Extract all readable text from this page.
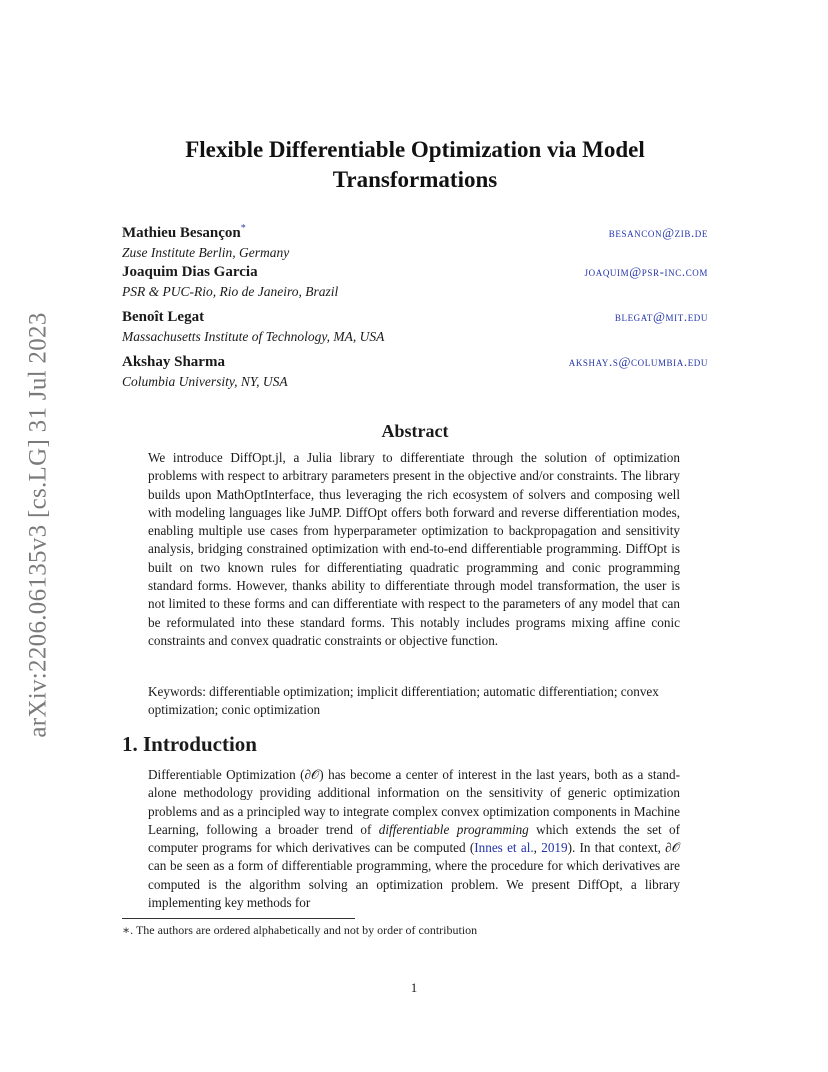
arXiv:2206.06135v3 [cs.LG] 31 Jul 2023
Flexible Differentiable Optimization via Model Transformations
Mathieu Besançon*	besancon@zib.de
Zuse Institute Berlin, Germany
Joaquim Dias Garcia	joaquim@psr-inc.com
PSR & PUC-Rio, Rio de Janeiro, Brazil
Benoît Legat	blegat@mit.edu
Massachusetts Institute of Technology, MA, USA
Akshay Sharma	akshay.s@columbia.edu
Columbia University, NY, USA
Abstract
We introduce DiffOpt.jl, a Julia library to differentiate through the solution of optimization problems with respect to arbitrary parameters present in the objective and/or constraints. The library builds upon MathOptInterface, thus leveraging the rich ecosystem of solvers and composing well with modeling languages like JuMP. DiffOpt offers both forward and reverse differentiation modes, enabling multiple use cases from hyperparameter optimization to backpropagation and sensitivity analysis, bridging constrained optimization with end-to-end differentiable programming. DiffOpt is built on two known rules for differentiating quadratic programming and conic programming standard forms. However, thanks ability to differentiate through model transformation, the user is not limited to these forms and can differentiate with respect to the parameters of any model that can be reformulated into these standard forms. This notably includes programs mixing affine conic constraints and convex quadratic constraints or objective function.
Keywords: differentiable optimization; implicit differentiation; automatic differentiation; convex optimization; conic optimization
1. Introduction
Differentiable Optimization (∂𝒪) has become a center of interest in the last years, both as a stand-alone methodology providing additional information on the sensitivity of generic optimization problems and as a principled way to integrate complex convex optimization components in Machine Learning, following a broader trend of differentiable programming which extends the set of computer programs for which derivatives can be computed (Innes et al., 2019). In that context, ∂𝒪 can be seen as a form of differentiable programming, where the procedure for which derivatives are computed is the algorithm solving an optimization problem. We present DiffOpt, a library implementing key methods for
∗. The authors are ordered alphabetically and not by order of contribution
1
